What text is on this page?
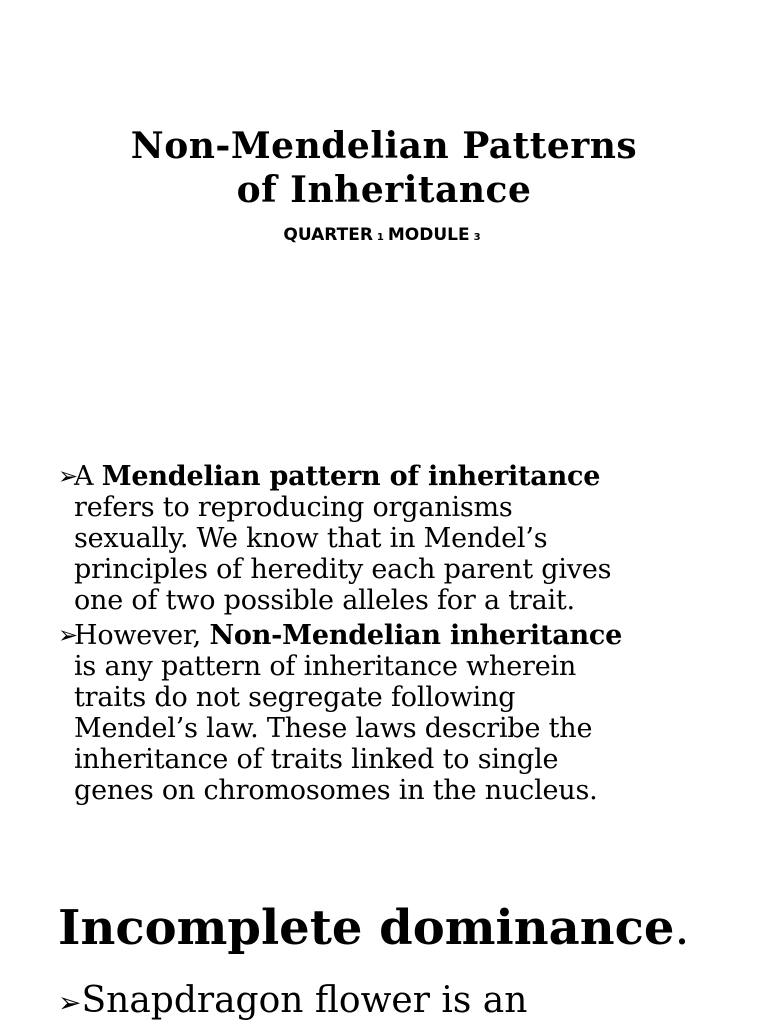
Non-Mendelian Patterns
of Inheritance
QUARTER 1 MODULE 3
➢
A Mendelian pattern of inheritance
refers to reproducing organisms
sexually. We know that in Mendel’s
principles of heredity each parent gives
one of two possible alleles for a trait.
➢
However, Non-Mendelian inheritance
is any pattern of inheritance wherein
traits do not segregate following
Mendel’s law. These laws describe the
inheritance of traits linked to single
genes on chromosomes in the nucleus.
Incomplete dominance.
➢Snapdragon flower is an
